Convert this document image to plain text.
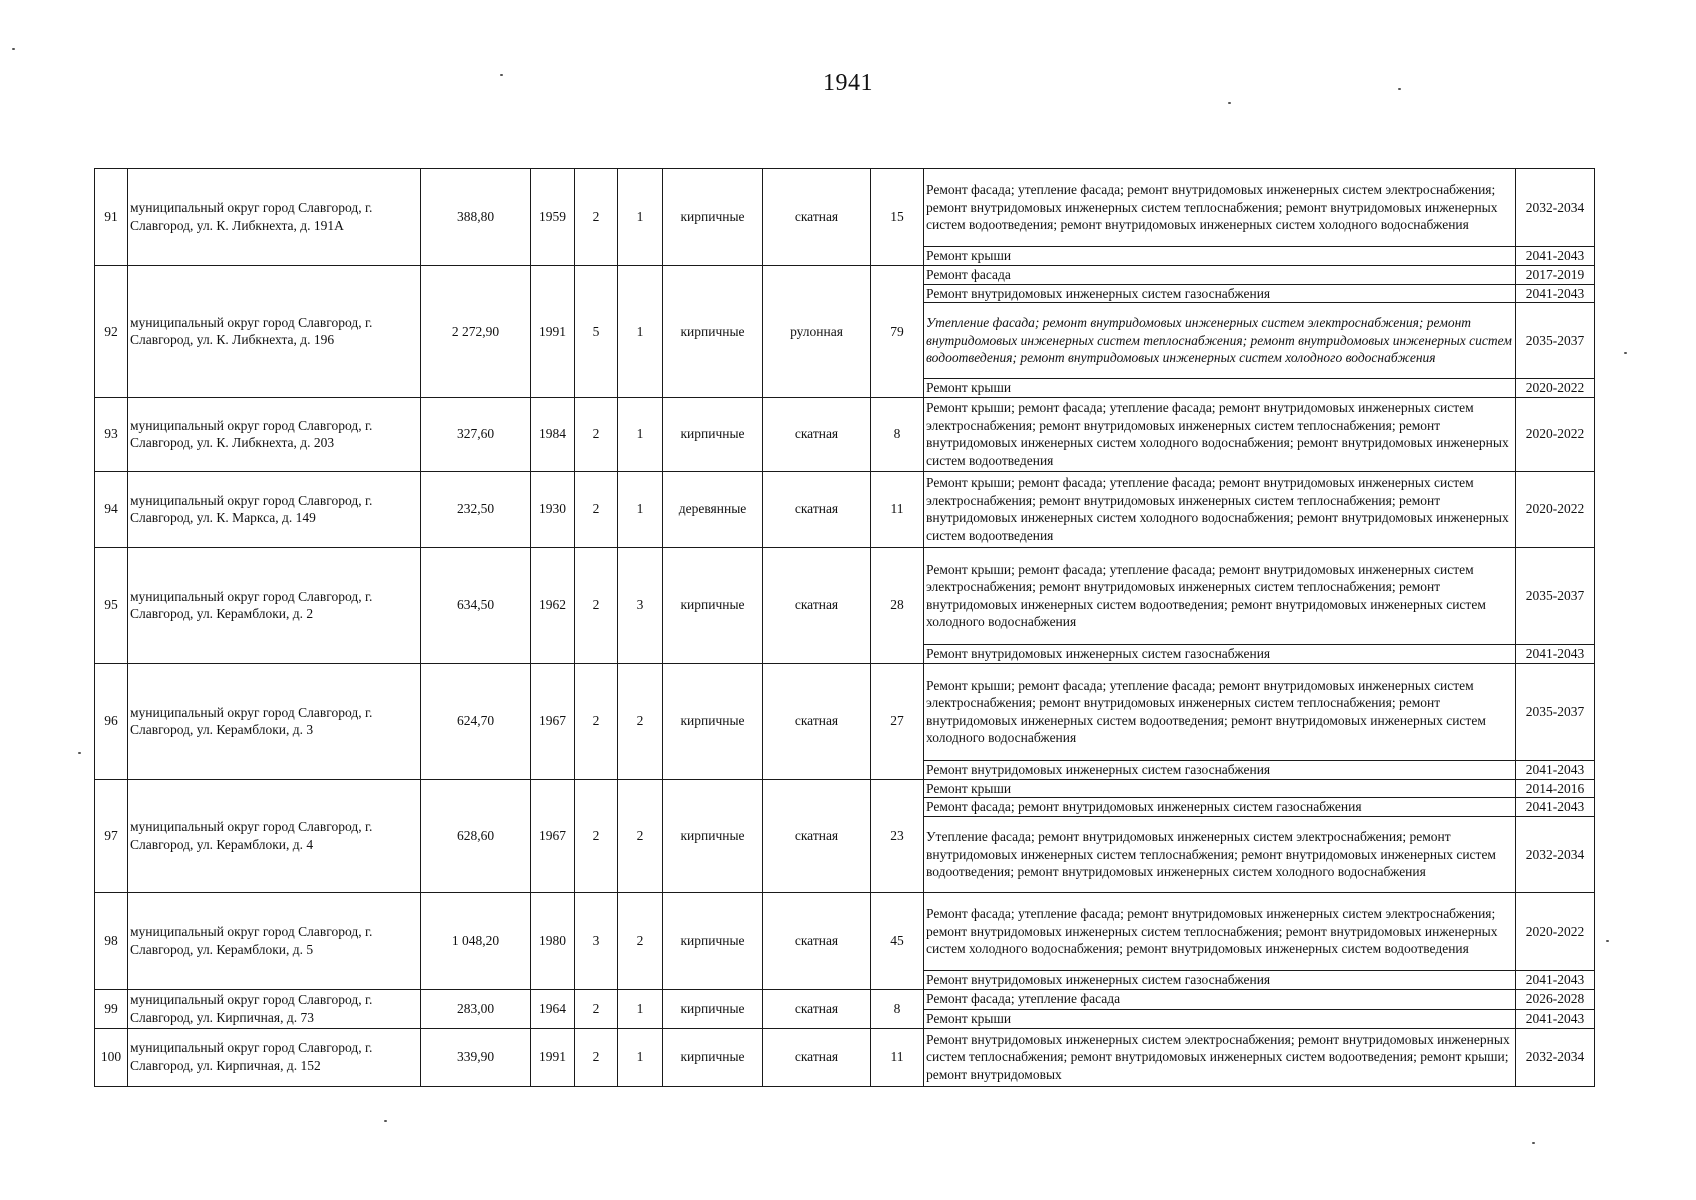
1941
91	муниципальный округ город Славгород, г. Славгород, ул. К. Либкнехта, д. 191А	388,80	1959	2	1	кирпичные	скатная	15	Ремонт фасада; утепление фасада; ремонт внутридомовых инженерных систем электроснабжения; ремонт внутридомовых инженерных систем теплоснабжения; ремонт внутридомовых инженерных систем водоотведения; ремонт внутридомовых инженерных систем холодного водоснабжения	2032-2034
									Ремонт крыши	2041-2043
92	муниципальный округ город Славгород, г. Славгород, ул. К. Либкнехта, д. 196	2 272,90	1991	5	1	кирпичные	рулонная	79	Ремонт фасада	2017-2019
									Ремонт внутридомовых инженерных систем газоснабжения	2041-2043
									Утепление фасада; ремонт внутридомовых инженерных систем электроснабжения; ремонт внутридомовых инженерных систем теплоснабжения; ремонт внутридомовых инженерных систем водоотведения; ремонт внутридомовых инженерных систем холодного водоснабжения	2035-2037
									Ремонт крыши	2020-2022
93	муниципальный округ город Славгород, г. Славгород, ул. К. Либкнехта, д. 203	327,60	1984	2	1	кирпичные	скатная	8	Ремонт крыши; ремонт фасада; утепление фасада; ремонт внутридомовых инженерных систем электроснабжения; ремонт внутридомовых инженерных систем теплоснабжения; ремонт внутридомовых инженерных систем холодного водоснабжения; ремонт внутридомовых инженерных систем водоотведения	2020-2022
94	муниципальный округ город Славгород, г. Славгород, ул. К. Маркса, д. 149	232,50	1930	2	1	деревянные	скатная	11	Ремонт крыши; ремонт фасада; утепление фасада; ремонт внутридомовых инженерных систем электроснабжения; ремонт внутридомовых инженерных систем теплоснабжения; ремонт внутридомовых инженерных систем холодного водоснабжения; ремонт внутридомовых инженерных систем водоотведения	2020-2022
95	муниципальный округ город Славгород, г. Славгород, ул. Керамблоки, д. 2	634,50	1962	2	3	кирпичные	скатная	28	Ремонт крыши; ремонт фасада; утепление фасада; ремонт внутридомовых инженерных систем электроснабжения; ремонт внутридомовых инженерных систем теплоснабжения; ремонт внутридомовых инженерных систем водоотведения; ремонт внутридомовых инженерных систем холодного водоснабжения	2035-2037
									Ремонт внутридомовых инженерных систем газоснабжения	2041-2043
96	муниципальный округ город Славгород, г. Славгород, ул. Керамблоки, д. 3	624,70	1967	2	2	кирпичные	скатная	27	Ремонт крыши; ремонт фасада; утепление фасада; ремонт внутридомовых инженерных систем электроснабжения; ремонт внутридомовых инженерных систем теплоснабжения; ремонт внутридомовых инженерных систем водоотведения; ремонт внутридомовых инженерных систем холодного водоснабжения	2035-2037
									Ремонт внутридомовых инженерных систем газоснабжения	2041-2043
97	муниципальный округ город Славгород, г. Славгород, ул. Керамблоки, д. 4	628,60	1967	2	2	кирпичные	скатная	23	Ремонт крыши	2014-2016
									Ремонт фасада; ремонт внутридомовых инженерных систем газоснабжения	2041-2043
									Утепление фасада; ремонт внутридомовых инженерных систем электроснабжения; ремонт внутридомовых инженерных систем теплоснабжения; ремонт внутридомовых инженерных систем водоотведения; ремонт внутридомовых инженерных систем холодного водоснабжения	2032-2034
98	муниципальный округ город Славгород, г. Славгород, ул. Керамблоки, д. 5	1 048,20	1980	3	2	кирпичные	скатная	45	Ремонт фасада; утепление фасада; ремонт внутридомовых инженерных систем электроснабжения; ремонт внутридомовых инженерных систем теплоснабжения; ремонт внутридомовых инженерных систем холодного водоснабжения; ремонт внутридомовых инженерных систем водоотведения	2020-2022
									Ремонт внутридомовых инженерных систем газоснабжения	2041-2043
99	муниципальный округ город Славгород, г. Славгород, ул. Кирпичная, д. 73	283,00	1964	2	1	кирпичные	скатная	8	Ремонт фасада; утепление фасада	2026-2028
									Ремонт крыши	2041-2043
100	муниципальный округ город Славгород, г. Славгород, ул. Кирпичная, д. 152	339,90	1991	2	1	кирпичные	скатная	11	Ремонт внутридомовых инженерных систем электроснабжения; ремонт внутридомовых инженерных систем теплоснабжения; ремонт внутридомовых инженерных систем водоотведения; ремонт крыши; ремонт внутридомовых	2032-2034
